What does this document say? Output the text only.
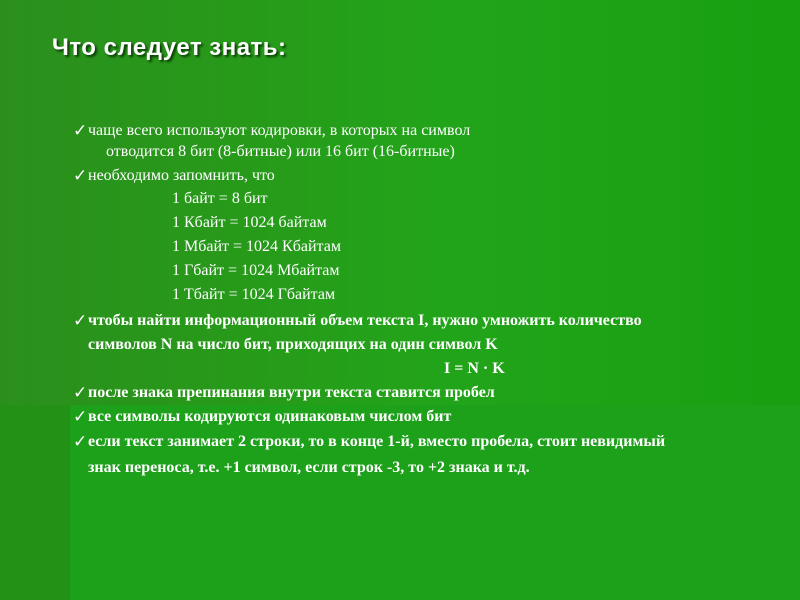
Что следует знать:
✓ чаще всего используют кодировки, в которых на символ
отводится 8 бит (8-битные) или 16 бит (16-битные)
✓ необходимо запомнить, что
1 байт = 8 бит
1 Кбайт = 1024 байтам
1 Мбайт = 1024 Кбайтам
1 Гбайт = 1024 Мбайтам
1 Тбайт = 1024 Гбайтам
✓ чтобы найти информационный объем текста I, нужно умножить количество
символов N на число бит, приходящих на один символ K
I = N · K
✓ после знака препинания внутри текста ставится пробел
✓ все символы кодируются одинаковым числом бит
✓ если текст занимает 2 строки, то в конце 1-й, вместо пробела, стоит невидимый
знак переноса, т.е. +1 символ, если строк -3, то +2 знака и т.д.
